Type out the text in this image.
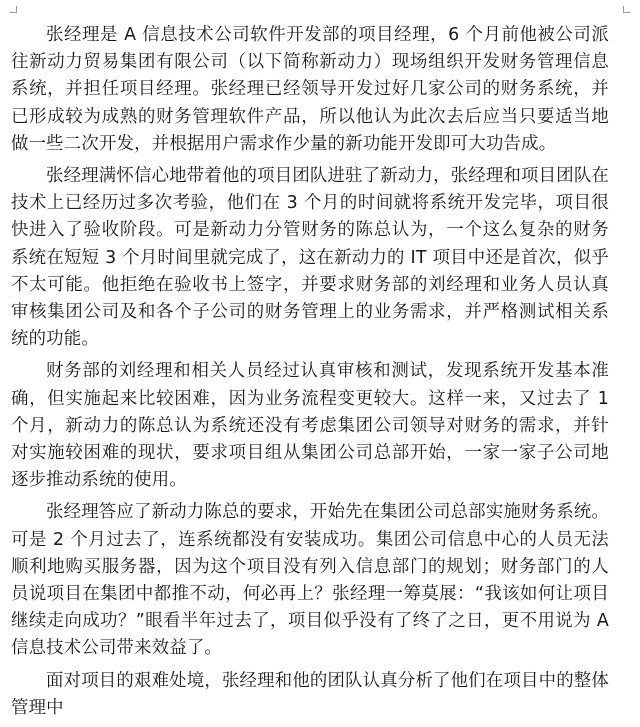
张经理是 A 信息技术公司软件开发部的项目经理，6 个月前他被公司派往新动力贸易集团有限公司（以下简称新动力）现场组织开发财务管理信息系统，并担任项目经理。张经理已经领导开发过好几家公司的财务系统，并已形成较为成熟的财务管理软件产品，所以他认为此次去后应当只要适当地做一些二次开发，并根据用户需求作少量的新功能开发即可大功告成。

张经理满怀信心地带着他的项目团队进驻了新动力，张经理和项目团队在技术上已经历过多次考验，他们在 3 个月的时间就将系统开发完毕，项目很快进入了验收阶段。可是新动力分管财务的陈总认为，一个这么复杂的财务系统在短短 3 个月时间里就完成了，这在新动力的 IT 项目中还是首次，似乎不太可能。他拒绝在验收书上签字，并要求财务部的刘经理和业务人员认真审核集团公司及和各个子公司的财务管理上的业务需求，并严格测试相关系统的功能。

财务部的刘经理和相关人员经过认真审核和测试，发现系统开发基本准确，但实施起来比较困难，因为业务流程变更较大。这样一来，又过去了 1 个月，新动力的陈总认为系统还没有考虑集团公司领导对财务的需求，并针对实施较困难的现状，要求项目组从集团公司总部开始，一家一家子公司地逐步推动系统的使用。

张经理答应了新动力陈总的要求，开始先在集团公司总部实施财务系统。可是 2 个月过去了，连系统都没有安装成功。集团公司信息中心的人员无法顺利地购买服务器，因为这个项目没有列入信息部门的规划；财务部门的人员说项目在集团中都推不动，何必再上？张经理一筹莫展：“我该如何让项目继续走向成功？”眼看半年过去了，项目似乎没有了终了之日，更不用说为 A 信息技术公司带来效益了。

面对项目的艰难处境，张经理和他的团队认真分析了他们在项目中的整体管理中
